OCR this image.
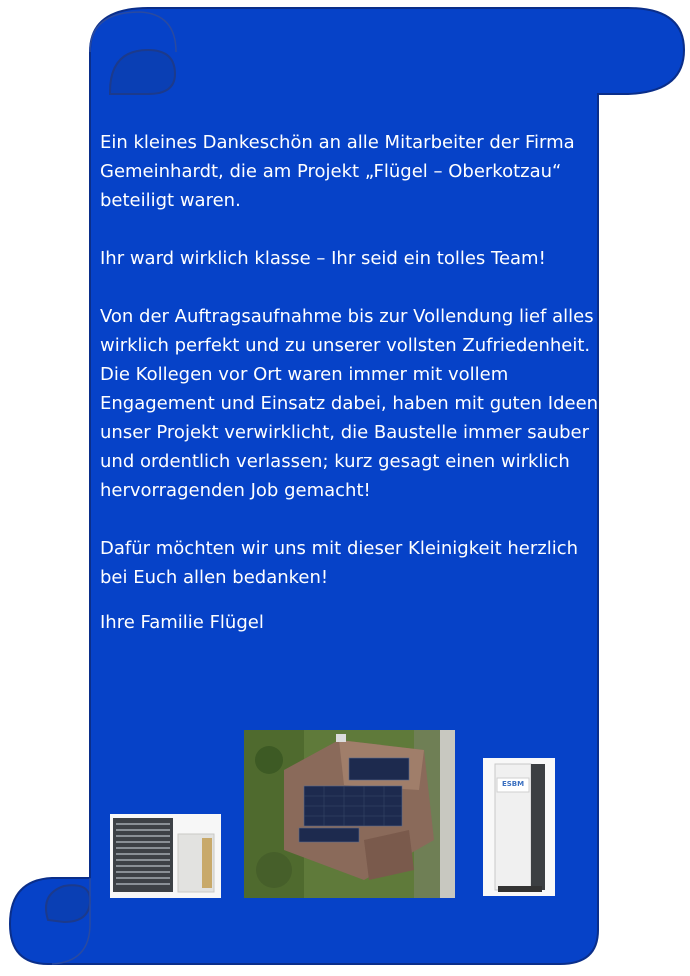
Ein kleines Dankeschön an alle Mitarbeiter der Firma Gemeinhardt, die am Projekt „Flügel – Oberkotzau“ beteiligt waren.

Ihr ward wirklich klasse – Ihr seid ein tolles Team!

Von der Auftragsaufnahme bis zur Vollendung lief alles wirklich perfekt und zu unserer vollsten Zufriedenheit.

Die Kollegen vor Ort waren immer mit vollem Engagement und Einsatz dabei, haben mit guten Ideen unser Projekt verwirklicht, die Baustelle immer sauber und ordentlich verlassen; kurz gesagt einen wirklich hervorragenden Job gemacht!

Dafür möchten wir uns mit dieser Kleinigkeit herzlich bei Euch allen bedanken!

Ihre Familie Flügel

ESBM
